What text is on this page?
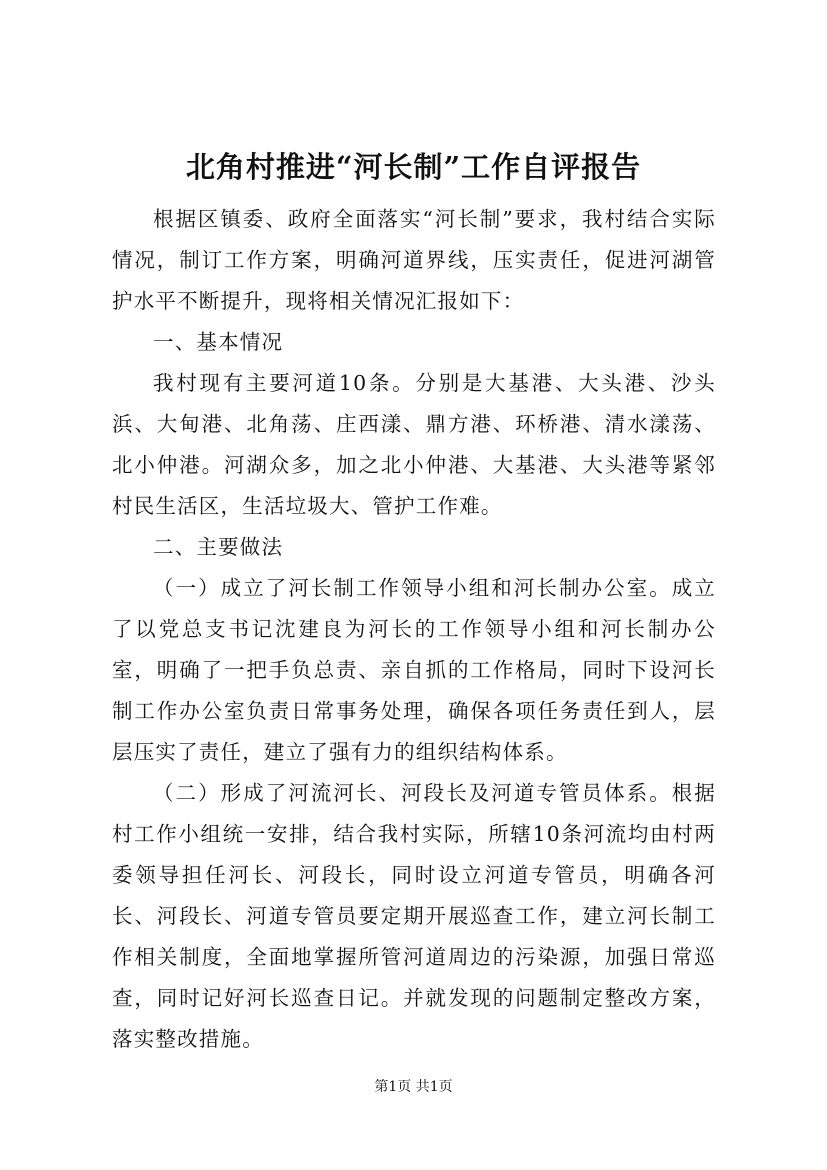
北角村推进“河长制”工作自评报告

根据区镇委、政府全面落实“河长制”要求，我村结合实际情况，制订工作方案，明确河道界线，压实责任，促进河湖管护水平不断提升，现将相关情况汇报如下：

一、基本情况

我村现有主要河道10条。分别是大基港、大头港、沙头浜、大甸港、北角荡、庄西漾、鼎方港、环桥港、清水漾荡、北小仲港。河湖众多，加之北小仲港、大基港、大头港等紧邻村民生活区，生活垃圾大、管护工作难。

二、主要做法

（一）成立了河长制工作领导小组和河长制办公室。成立了以党总支书记沈建良为河长的工作领导小组和河长制办公室，明确了一把手负总责、亲自抓的工作格局，同时下设河长制工作办公室负责日常事务处理，确保各项任务责任到人，层层压实了责任，建立了强有力的组织结构体系。

（二）形成了河流河长、河段长及河道专管员体系。根据村工作小组统一安排，结合我村实际，所辖10条河流均由村两委领导担任河长、河段长，同时设立河道专管员，明确各河长、河段长、河道专管员要定期开展巡查工作，建立河长制工作相关制度，全面地掌握所管河道周边的污染源，加强日常巡查，同时记好河长巡查日记。并就发现的问题制定整改方案，落实整改措施。

第1页 共1页
